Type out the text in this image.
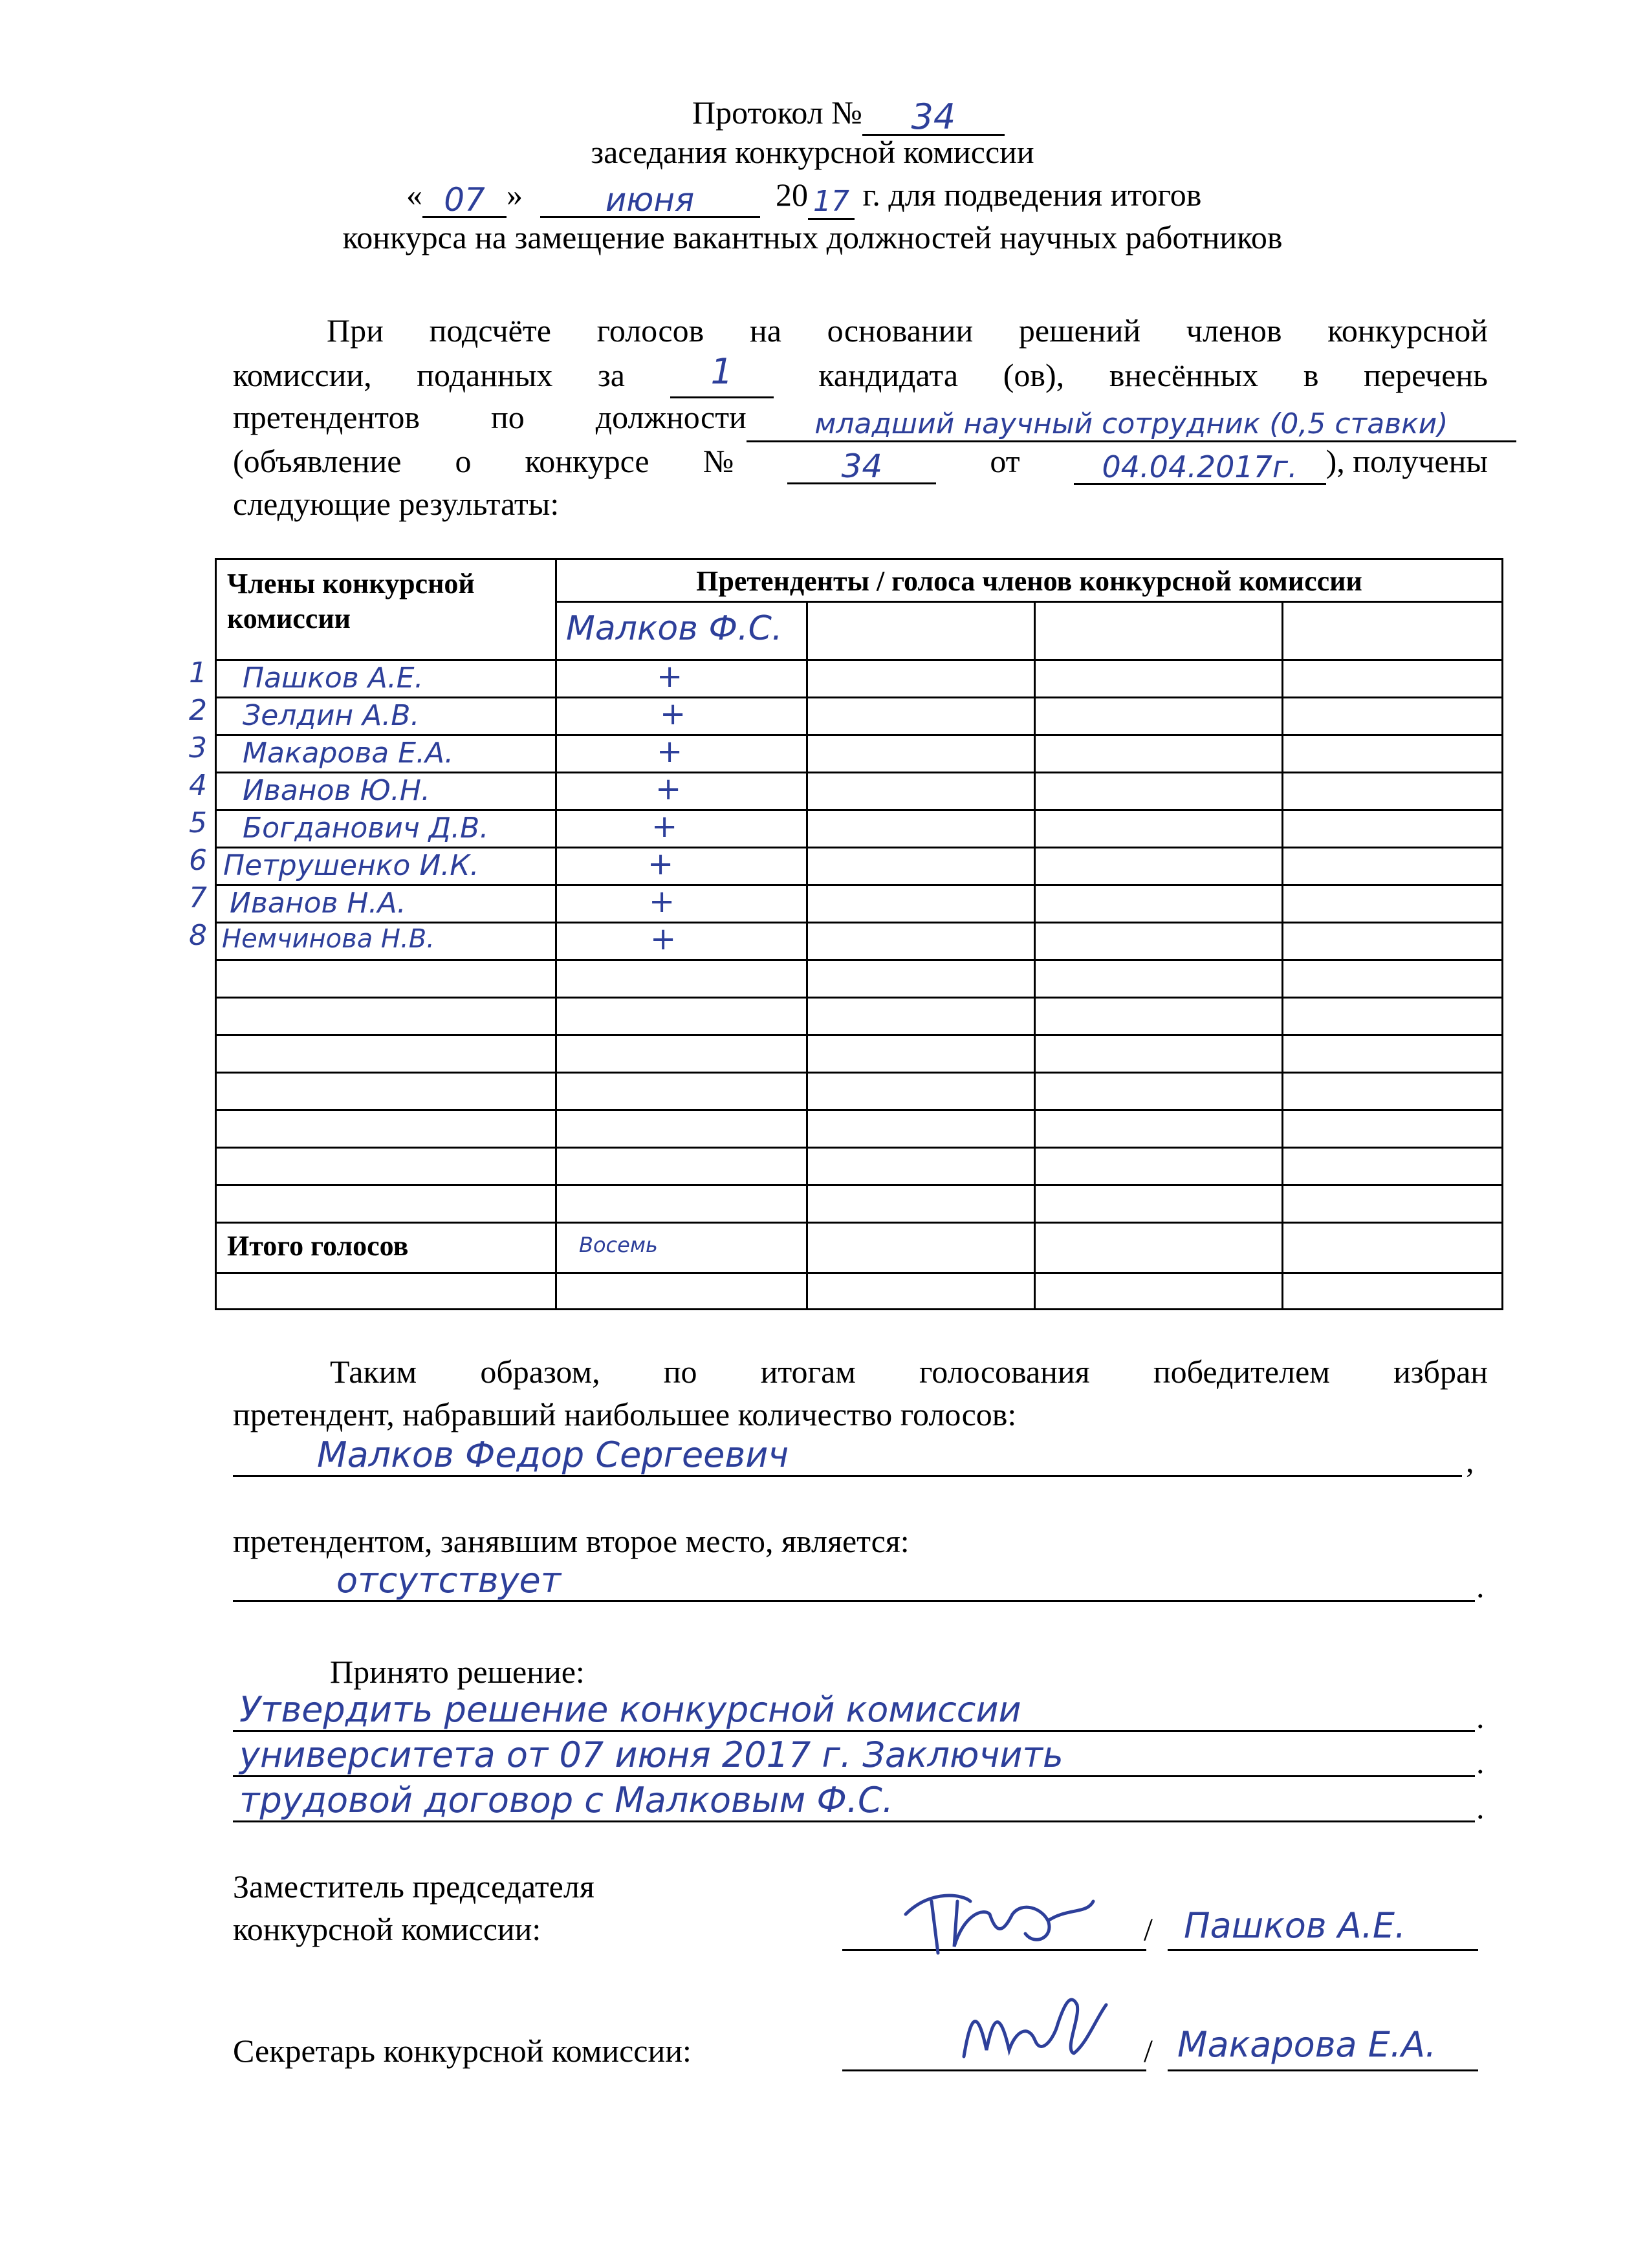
Протокол № 34
заседания конкурсной комиссии
« 07 »	июня	20 17 г. для подведения итогов
конкурса на замещение вакантных должностей научных работников
При подсчёте голосов на основании решений членов конкурсной
комиссии, поданных за	1	кандидата (ов), внесённых в перечень
претендентов по должности младший научный сотрудник (0,5 ставки)
(объявление о конкурсе №	34	от	04.04.2017г. ), получены
следующие результаты:
Члены конкурсной
комиссии
Претенденты / голоса членов конкурсной комиссии
Малков Ф.С.
Пашков А.Е.	+
Зелдин А.В.	+
Макарова Е.А.	+
Иванов Ю.Н.	+
Богданович Д.В.	+
Петрушенко И.К.	+
Иванов Н.А.	+
Немчинова Н.В.	+
Итого голосов	Восемь
1
2
3
4
5
6
7
8
Таким образом, по итогам голосования победителем избран
претендент, набравший наибольшее количество голосов:
Малков Федор Сергеевич	,
претендентом, занявшим второе место, является:
отсутствует	.
Принято решение:
Утвердить решение конкурсной комиссии	.
университета от 07 июня 2017 г. Заключить	.
трудовой договор с Малковым Ф.С.	.
Заместитель председателя
конкурсной комиссии:	/ Пашков А.Е.
Секретарь конкурсной комиссии:	/ Макарова Е.А.
